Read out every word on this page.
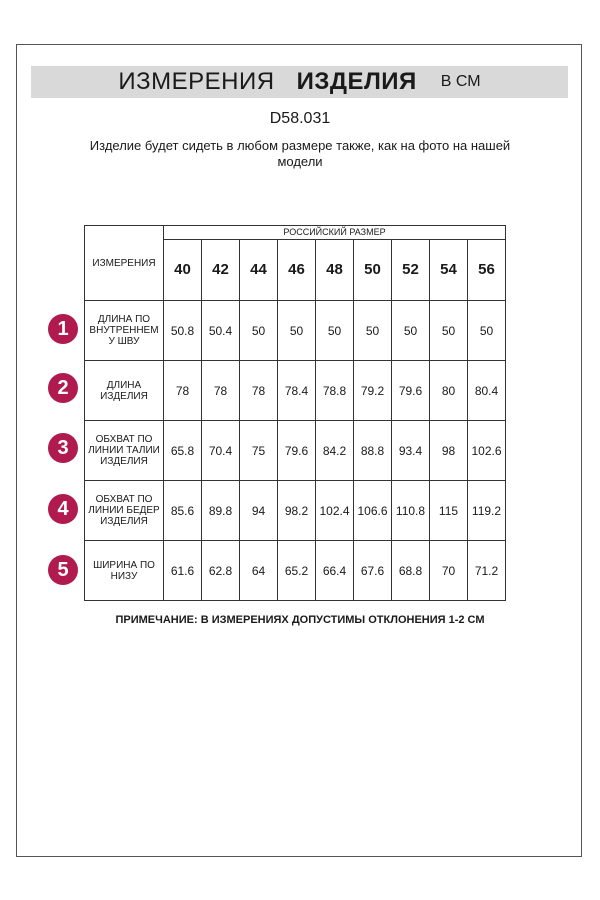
ИЗМЕРЕНИЯ ИЗДЕЛИЯ В СМ
D58.031
Изделие будет сидеть в любом размере также, как на фото на нашей модели
ИЗМЕРЕНИЯ	РОССИЙСКИЙ РАЗМЕР								
	40	42	44	46	48	50	52	54	56
ДЛИНА ПО ВНУТРЕННЕМ У ШВУ	50.8	50.4	50	50	50	50	50	50	50
ДЛИНА ИЗДЕЛИЯ	78	78	78	78.4	78.8	79.2	79.6	80	80.4
ОБХВАТ ПО ЛИНИИ ТАЛИИ ИЗДЕЛИЯ	65.8	70.4	75	79.6	84.2	88.8	93.4	98	102.6
ОБХВАТ ПО ЛИНИИ БЕДЕР ИЗДЕЛИЯ	85.6	89.8	94	98.2	102.4	106.6	110.8	115	119.2
ШИРИНА ПО НИЗУ	61.6	62.8	64	65.2	66.4	67.6	68.8	70	71.2
1
2
3
4
5
ПРИМЕЧАНИЕ: В ИЗМЕРЕНИЯХ ДОПУСТИМЫ ОТКЛОНЕНИЯ 1-2 СМ
